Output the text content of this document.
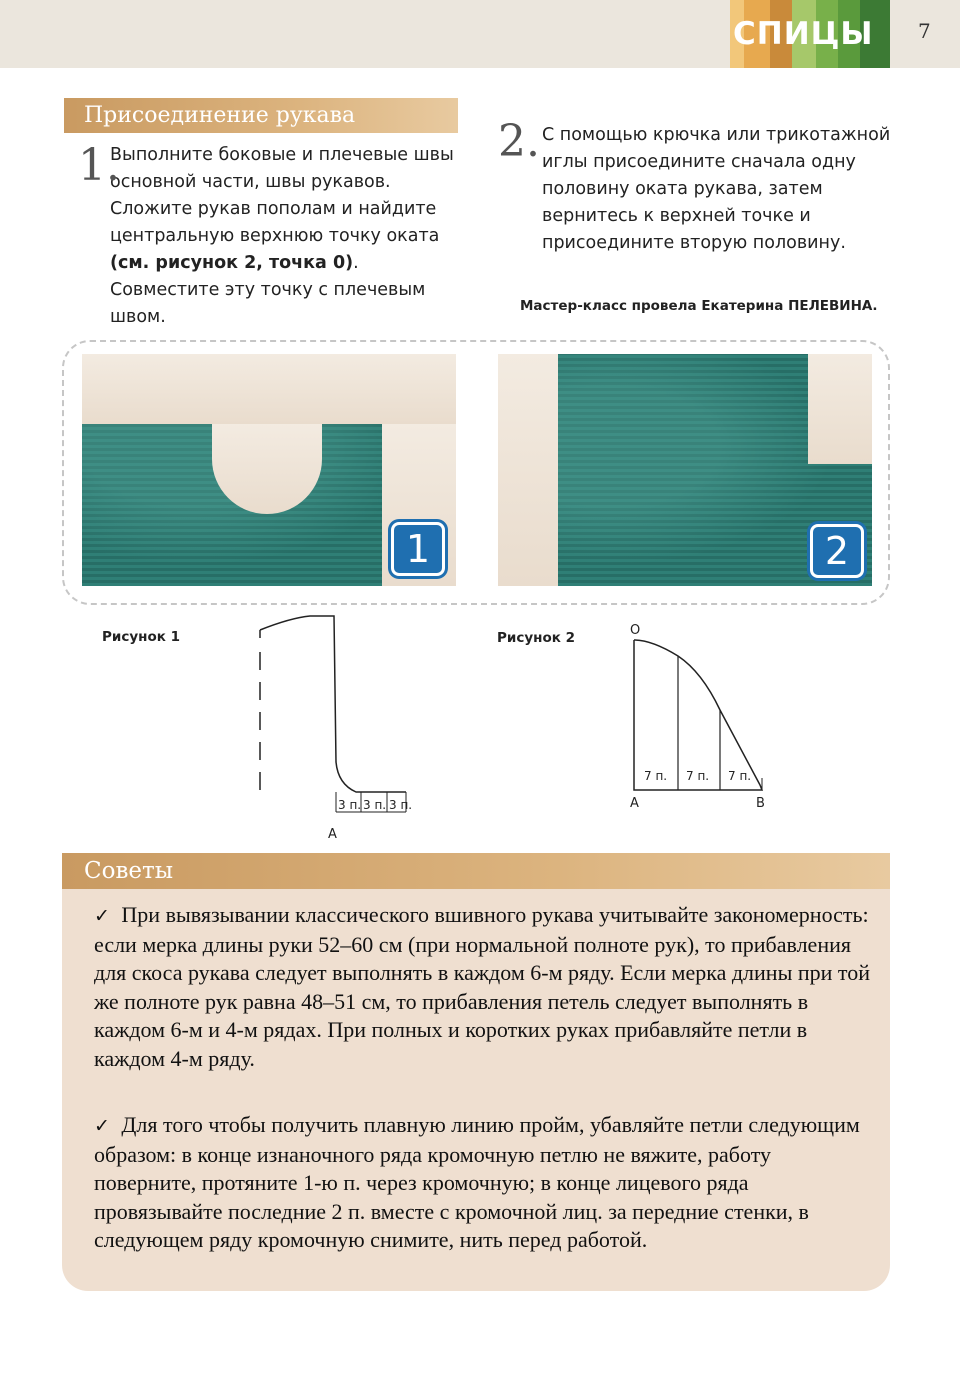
СПИЦЫ 7
Присоединение рукава
1.
Выполните боковые и плечевые швы основной части, швы рукавов. Сложите рукав пополам и найдите центральную верхнюю точку оката (см. рисунок 2, точка 0). Совместите эту точку с плечевым швом.
2. С помощью крючка или трикотажной иглы присоедините сначала одну половину оката рукава, затем вернитесь к верхней точке и присоедините вторую половину.
Мастер-класс провела Екатерина ПЕЛЕВИНА.
1	2
Рисунок 1
3 п. 3 п. 3 п.
А
Рисунок 2	О
7 п. 7 п. 7 п.
А	В
Советы
✓ При вывязывании классического вшивного рукава учитывайте закономерность: если мерка длины руки 52–60 см (при нормальной полноте рук), то прибавления для скоса рукава следует выполнять в каждом 6-м ряду. Если мерка длины при той же полноте рук равна 48–51 см, то прибавления петель следует выполнять в каждом 6-м и 4-м рядах. При полных и коротких руках прибавляйте петли в каждом 4-м ряду.
✓ Для того чтобы получить плавную линию пройм, убавляйте петли следующим образом: в конце изнаночного ряда кромочную петлю не вяжите, работу поверните, протяните 1-ю п. через кромочную; в конце лицевого ряда провязывайте последние 2 п. вместе с кромочной лиц. за передние стенки, в следующем ряду кромочную снимите, нить перед работой.
